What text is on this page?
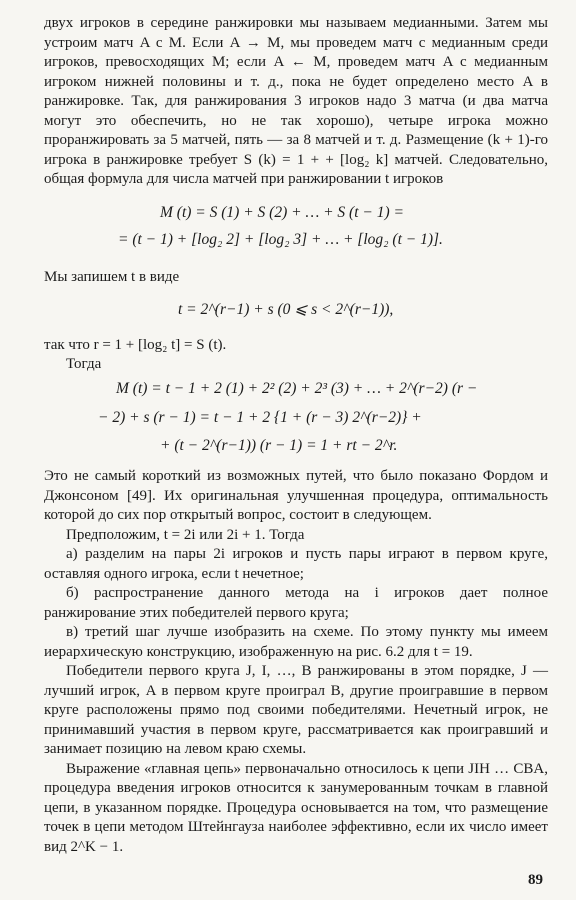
двух игроков в середине ранжировки мы называем медианными. Затем мы устроим матч A с M. Если A → M, мы проведем матч с медианным среди игроков, превосходящих M; если A ← M, проведем матч A с медианным игроком нижней половины и т. д., пока не будет определено место A в ранжировке. Так, для ранжирования 3 игроков надо 3 матча (и два матча могут это обеспечить, но не так хорошо), четыре игрока можно проранжировать за 5 матчей, пять — за 8 матчей и т. д. Размещение (k + 1)-го игрока в ранжировке требует S (k) = 1 + + [log₂ k] матчей. Следовательно, общая формула для числа матчей при ранжировании t игроков

M (t) = S (1) + S (2) + … + S (t − 1) =
= (t − 1) + [log₂ 2] + [log₂ 3] + … + [log₂ (t − 1)].
Мы запишем t в виде
t = 2^(r−1) + s (0 ⩽ s < 2^(r−1)),
так что r = 1 + [log₂ t] = S (t).
Тогда
M (t) = t − 1 + 2 (1) + 2² (2) + 2³ (3) + … + 2^(r−2) (r −
− 2) + s (r − 1) = t − 1 + 2 {1 + (r − 3) 2^(r−2)} +
+ (t − 2^(r−1)) (r − 1) = 1 + rt − 2^r.

Это не самый короткий из возможных путей, что было показано Фордом и Джонсоном [49]. Их оригинальная улучшенная процедура, оптимальность которой до сих пор открытый вопрос, состоит в следующем.

Предположим, t = 2i или 2i + 1. Тогда

а) разделим на пары 2i игроков и пусть пары играют в первом круге, оставляя одного игрока, если t нечетное;

б) распространение данного метода на i игроков дает полное ранжирование этих победителей первого круга;

в) третий шаг лучше изобразить на схеме. По этому пункту мы имеем иерархическую конструкцию, изображенную на рис. 6.2 для t = 19.

Победители первого круга J, I, …, B ранжированы в этом порядке, J — лучший игрок, A в первом круге проиграл B, другие проигравшие в первом круге расположены прямо под своими победителями. Нечетный игрок, не принимавший участия в первом круге, рассматривается как проигравший и занимает позицию на левом краю схемы.

Выражение «главная цепь» первоначально относилось к цепи JIH … CBA, процедура введения игроков относится к занумерованным точкам в главной цепи, в указанном порядке. Процедура основывается на том, что размещение точек в цепи методом Штейнгауза наиболее эффективно, если их число имеет вид 2^K − 1.

89
